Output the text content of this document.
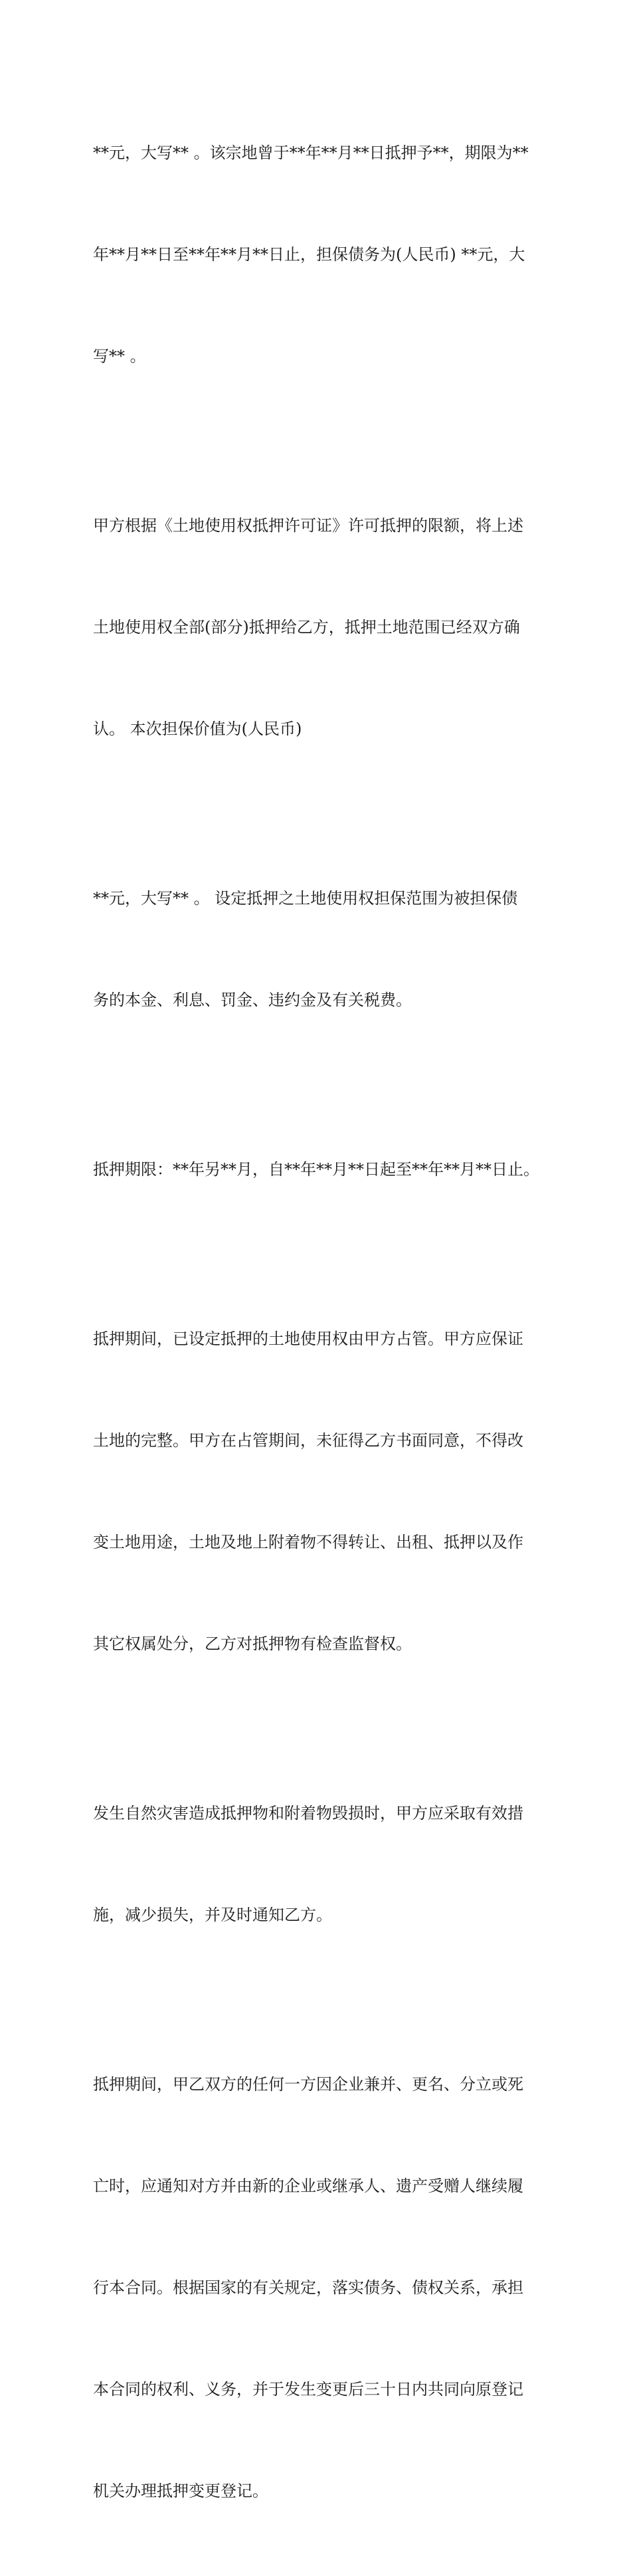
**元，大写** 。该宗地曾于**年**月**日抵押予**，期限为**

年**月**日至**年**月**日止，担保债务为(人民币) **元，大

写** 。

甲方根据《土地使用权抵押许可证》许可抵押的限额，将上述

土地使用权全部(部分)抵押给乙方，抵押土地范围已经双方确

认。 本次担保价值为(人民币)

**元，大写** 。 设定抵押之土地使用权担保范围为被担保债

务的本金、利息、罚金、违约金及有关税费。

抵押期限：**年另**月，自**年**月**日起至**年**月**日止。

抵押期间，已设定抵押的土地使用权由甲方占管。甲方应保证

土地的完整。甲方在占管期间，未征得乙方书面同意，不得改

变土地用途，土地及地上附着物不得转让、出租、抵押以及作

其它权属处分，乙方对抵押物有检查监督权。

发生自然灾害造成抵押物和附着物毁损时，甲方应采取有效措

施，减少损失，并及时通知乙方。

抵押期间，甲乙双方的任何一方因企业兼并、更名、分立或死

亡时，应通知对方并由新的企业或继承人、遗产受赠人继续履

行本合同。根据国家的有关规定，落实债务、债权关系，承担

本合同的权利、义务，并于发生变更后三十日内共同向原登记

机关办理抵押变更登记。
